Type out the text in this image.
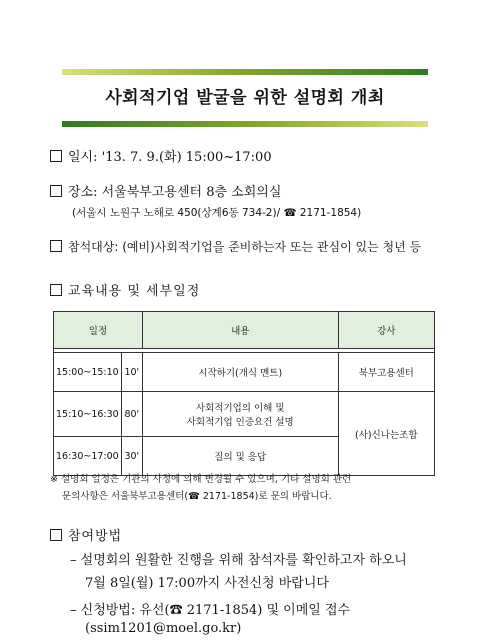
사회적기업 발굴을 위한 설명회 개최
일시: '13. 7. 9.(화) 15:00~17:00
장소: 서울북부고용센터 8층 소회의실
(서울시 노원구 노해로 450(상계6동 734-2)/ ☎ 2171-1854)
참석대상: (예비)사회적기업을 준비하는자 또는 관심이 있는 청년 등
교육내용 및 세부일정
일정		내용	강사

15:00~15:10	10'	시작하기(개식 멘트)	북부고용센터
15:10~16:30	80'	사회적기업의 이해 및
사회적기업 인증요건 설명	(사)신나는조합
16:30~17:00	30'	질의 및 응답	
※ 설명회 일정은 기관의 사정에 의해 변경될 수 있으며, 기타 설명회 관련
문의사항은 서울북부고용센터(☎ 2171-1854)로 문의 바랍니다.
참여방법
– 설명회의 원활한 진행을 위해 참석자를 확인하고자 하오니
7월 8일(월) 17:00까지 사전신청 바랍니다
– 신청방법: 유선(☎ 2171-1854) 및 이메일 접수
(ssim1201@moel.go.kr)
